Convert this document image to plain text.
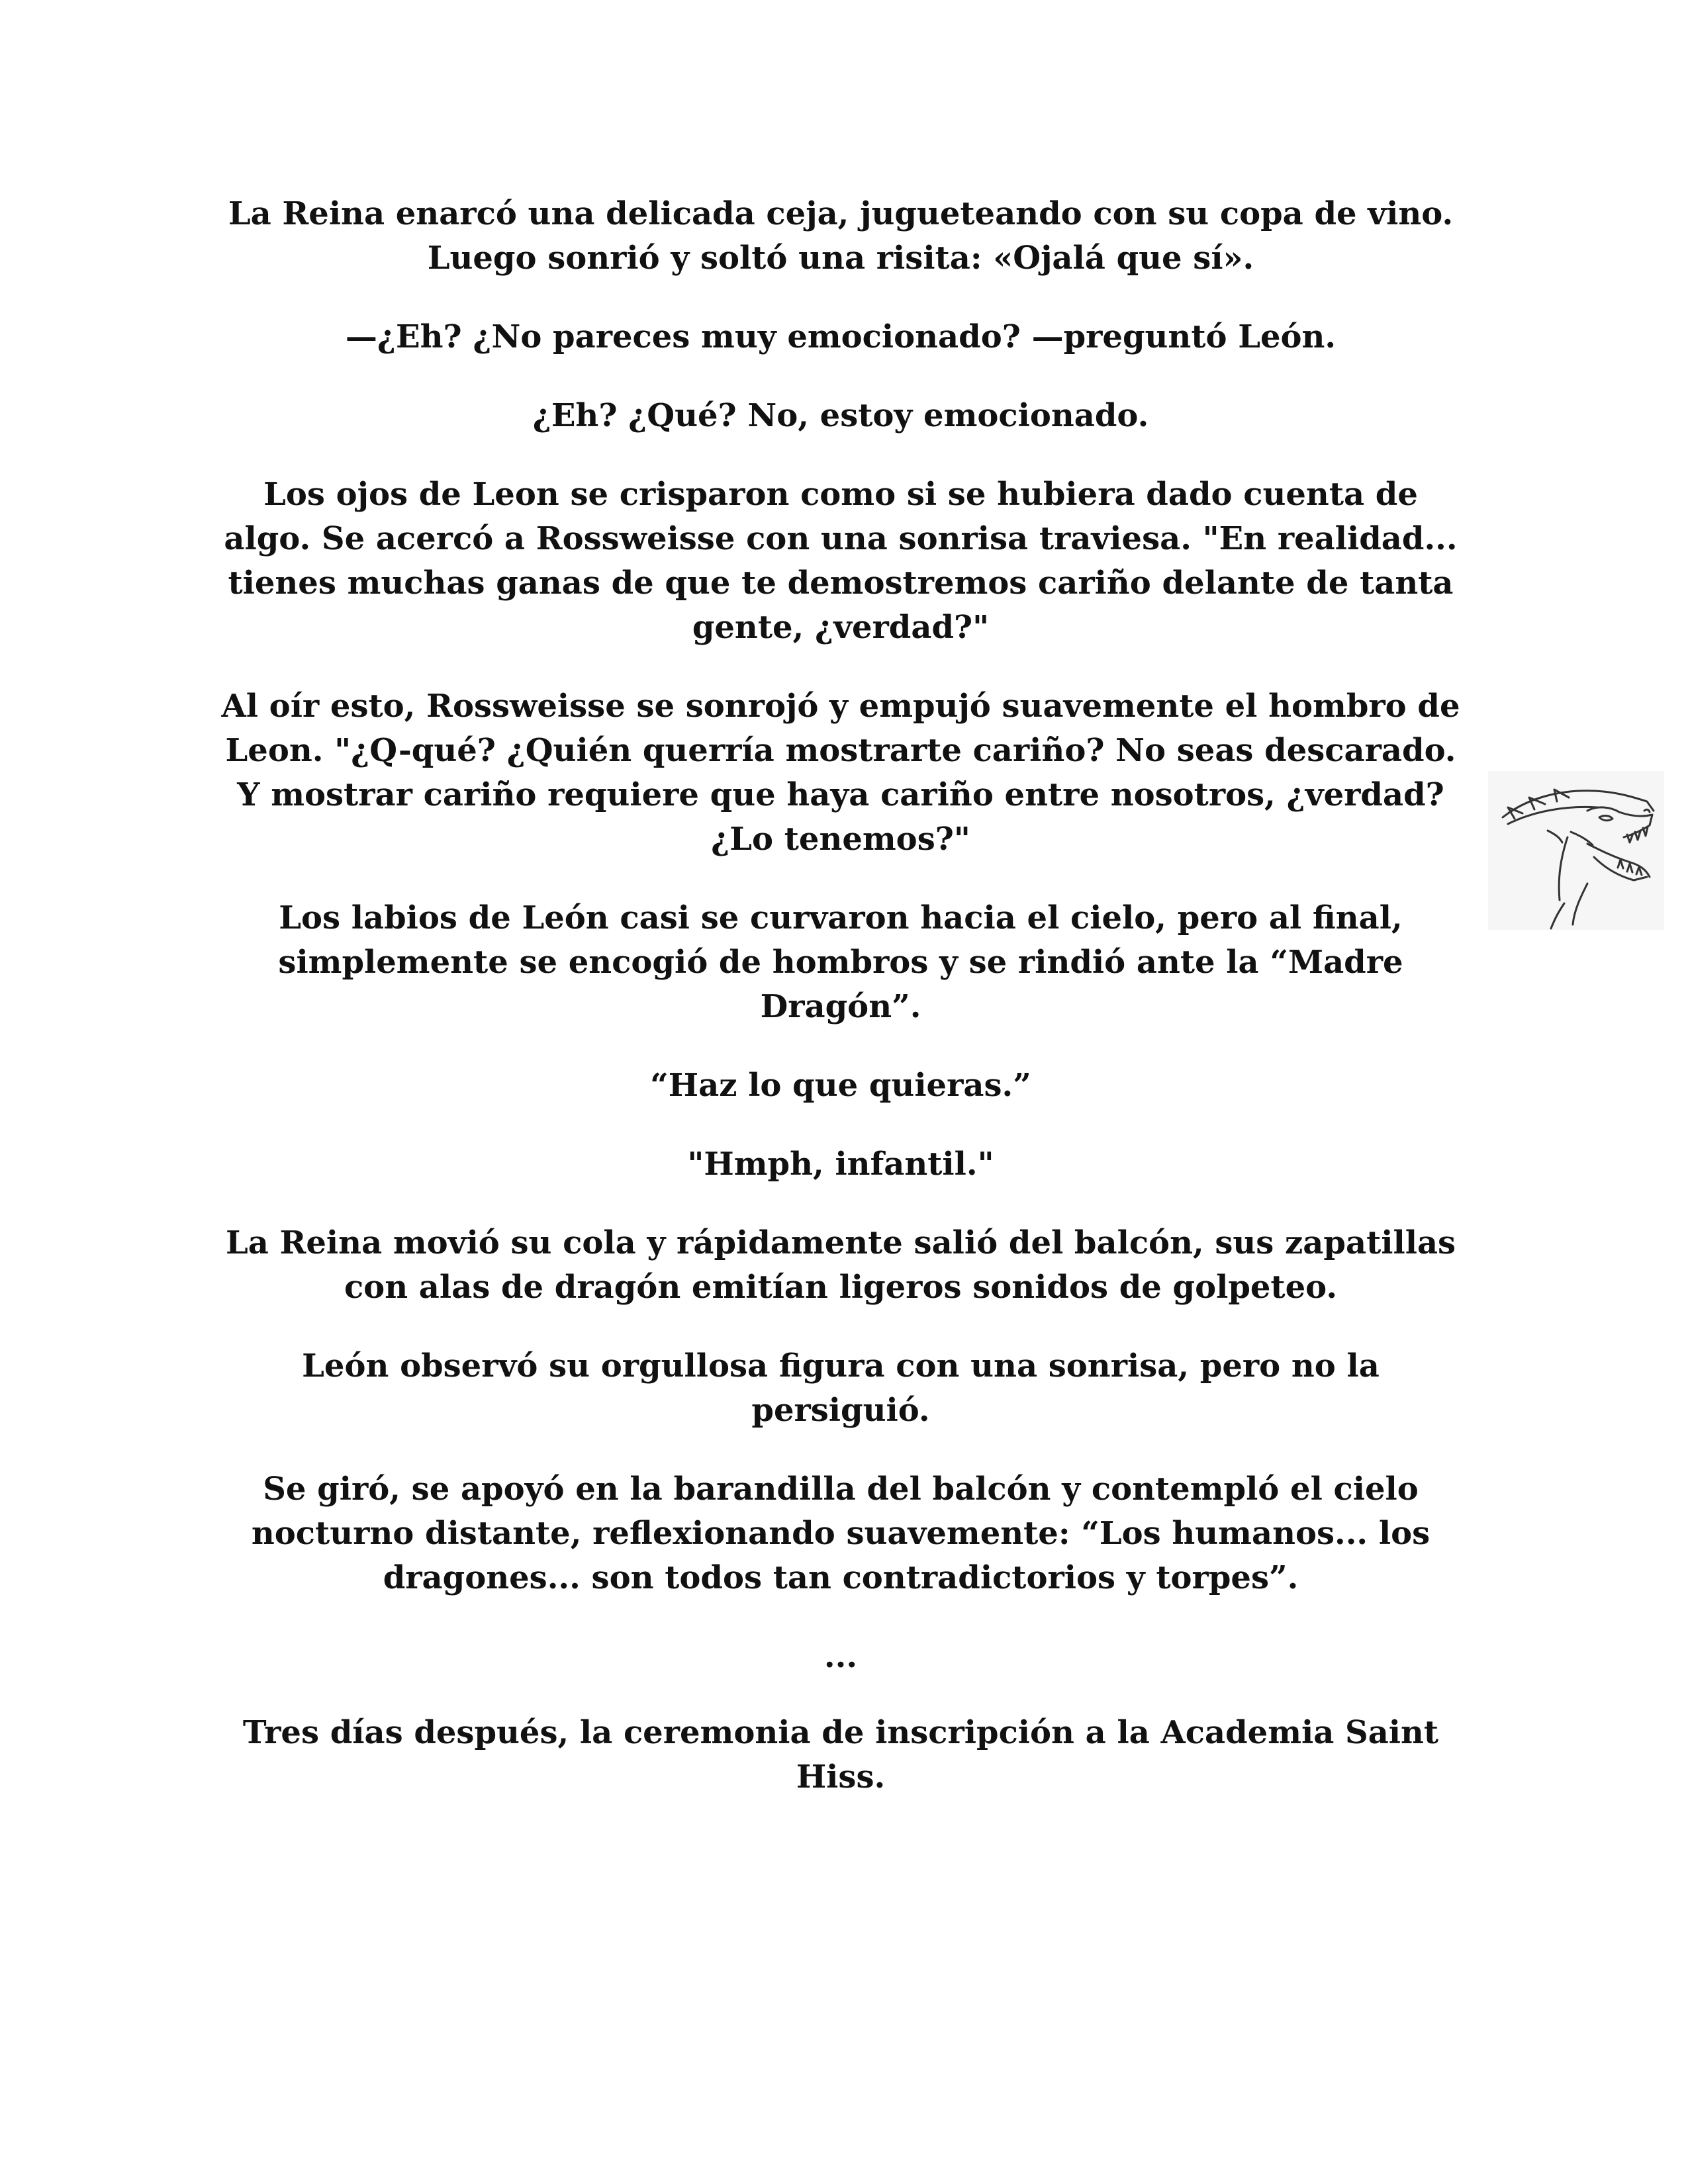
La Reina enarcó una delicada ceja, jugueteando con su copa de vino. Luego sonrió y soltó una risita: «Ojalá que sí».

—¿Eh? ¿No pareces muy emocionado? —preguntó León.

¿Eh? ¿Qué? No, estoy emocionado.

Los ojos de Leon se crisparon como si se hubiera dado cuenta de algo. Se acercó a Rossweisse con una sonrisa traviesa. "En realidad... tienes muchas ganas de que te demostremos cariño delante de tanta gente, ¿verdad?"

Al oír esto, Rossweisse se sonrojó y empujó suavemente el hombro de Leon. "¿Q-qué? ¿Quién querría mostrarte cariño? No seas descarado. Y mostrar cariño requiere que haya cariño entre nosotros, ¿verdad? ¿Lo tenemos?"

Los labios de León casi se curvaron hacia el cielo, pero al final, simplemente se encogió de hombros y se rindió ante la “Madre Dragón”.

“Haz lo que quieras.”

"Hmph, infantil."

La Reina movió su cola y rápidamente salió del balcón, sus zapatillas con alas de dragón emitían ligeros sonidos de golpeteo.

León observó su orgullosa figura con una sonrisa, pero no la persiguió.

Se giró, se apoyó en la barandilla del balcón y contempló el cielo nocturno distante, reflexionando suavemente: “Los humanos... los dragones... son todos tan contradictorios y torpes”.

...

Tres días después, la ceremonia de inscripción a la Academia Saint Hiss.
